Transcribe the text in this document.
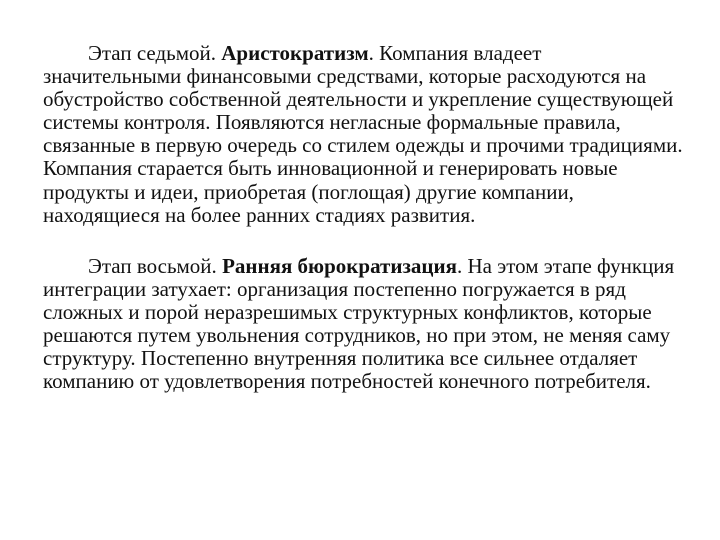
Этап седьмой. Аристократизм. Компания владеет значительными финансовыми средствами, которые расходуются на обустройство собственной деятельности и укрепление существующей системы контроля. Появляются негласные формальные правила, связанные в первую очередь со стилем одежды и прочими традициями. Компания старается быть инновационной и генерировать новые продукты и идеи, приобретая (поглощая) другие компании, находящиеся на более ранних стадиях развития.

Этап восьмой. Ранняя бюрократизация. На этом этапе функция интеграции затухает: организация постепенно погружается в ряд сложных и порой неразрешимых структурных конфликтов, которые решаются путем увольнения сотрудников, но при этом, не меняя саму структуру. Постепенно внутренняя политика все сильнее отдаляет компанию от удовлетворения потребностей конечного потребителя.
